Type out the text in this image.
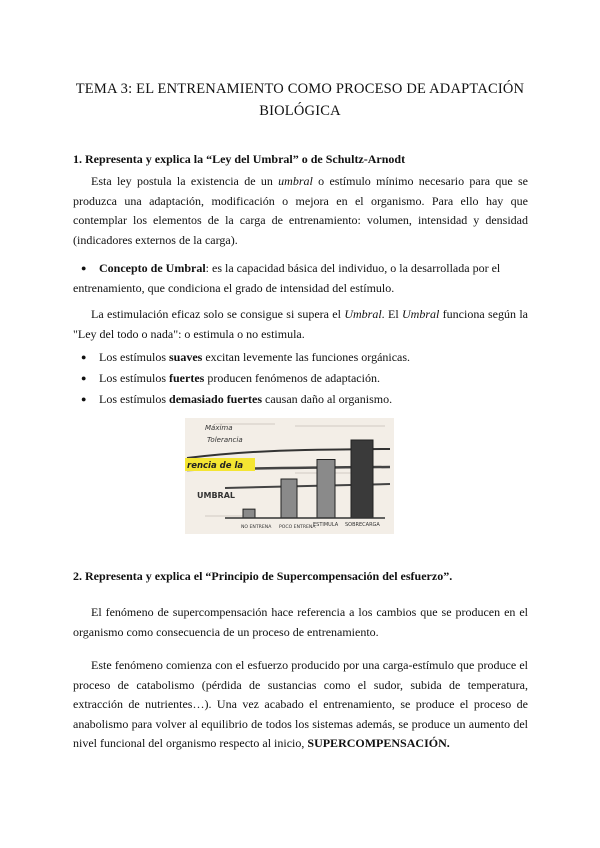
TEMA 3: EL ENTRENAMIENTO COMO PROCESO DE ADAPTACIÓN
BIOLÓGICA
1. Representa y explica la “Ley del Umbral” o de Schultz-Arnodt
Esta ley postula la existencia de un umbral o estímulo mínimo necesario para que se produzca una adaptación, modificación o mejora en el organismo. Para ello hay que contemplar los elementos de la carga de entrenamiento: volumen, intensidad y densidad (indicadores externos de la carga).
● Concepto de Umbral: es la capacidad básica del individuo, o la desarrollada por el entrenamiento, que condiciona el grado de intensidad del estímulo.
La estimulación eficaz solo se consigue si supera el Umbral. El Umbral funciona según la "Ley del todo o nada": o estimula o no estimula.
● Los estímulos suaves excitan levemente las funciones orgánicas.
● Los estímulos fuertes producen fenómenos de adaptación.
● Los estímulos demasiado fuertes causan daño al organismo.
Máxima
Tolerancia
rencia de la
UMBRAL
NO ENTRENA POCO ENTRENA
ESTIMULA SOBRECARGA
2. Representa y explica el “Principio de Supercompensación del esfuerzo”.
El fenómeno de supercompensación hace referencia a los cambios que se producen en el organismo como consecuencia de un proceso de entrenamiento.
Este fenómeno comienza con el esfuerzo producido por una carga-estímulo que produce el proceso de catabolismo (pérdida de sustancias como el sudor, subida de temperatura, extracción de nutrientes…). Una vez acabado el entrenamiento, se produce el proceso de anabolismo para volver al equilibrio de todos los sistemas además, se produce un aumento del nivel funcional del organismo respecto al inicio, SUPERCOMPENSACIÓN.
